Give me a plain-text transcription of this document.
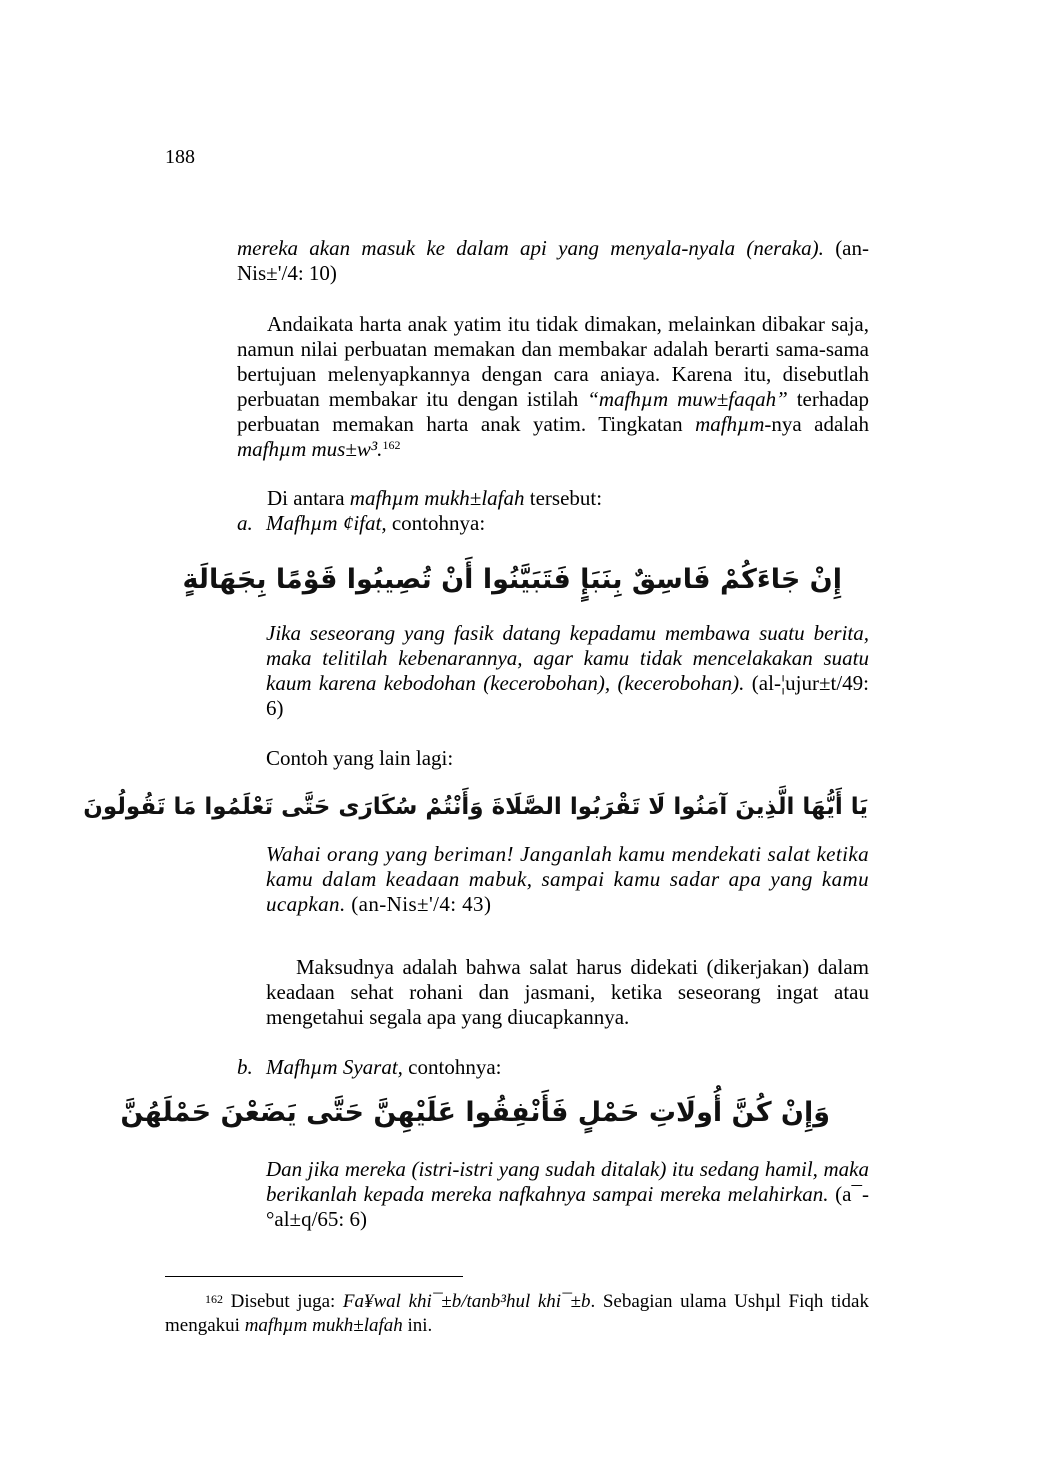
188
mereka akan masuk ke dalam api yang menyala-nyala (neraka). (an-Nis±'/4: 10)
Andaikata harta anak yatim itu tidak dimakan, melainkan dibakar saja, namun nilai perbuatan memakan dan membakar adalah berarti sama-sama bertujuan melenyapkannya dengan cara aniaya. Karena itu, disebutlah perbuatan membakar itu dengan istilah “mafhµm muw±faqah” terhadap perbuatan memakan harta anak yatim. Tingkatan mafhµm-nya adalah mafhµm mus±w³.$^{162}$
Di antara mafhµm mukh±lafah tersebut:
a. Mafhµm ¢ifat, contohnya:
إِنْ جَاءَكُمْ فَاسِقٌ بِنَبَإٍ فَتَبَيَّنُوا أَنْ تُصِيبُوا قَوْمًا بِجَهَالَةٍ
Jika seseorang yang fasik datang kepadamu membawa suatu berita, maka telitilah kebenarannya, agar kamu tidak mencelakakan suatu kaum karena kebodohan (kecerobohan), (kecerobohan). (al-¦ujur±t/49: 6)
Contoh yang lain lagi:
يَا أَيُّهَا الَّذِينَ آمَنُوا لَا تَقْرَبُوا الصَّلَاةَ وَأَنْتُمْ سُكَارَى حَتَّى تَعْلَمُوا مَا تَقُولُونَ
Wahai orang yang beriman! Janganlah kamu mendekati salat ketika kamu dalam keadaan mabuk, sampai kamu sadar apa yang kamu ucapkan. (an-Nis±'/4: 43)
Maksudnya adalah bahwa salat harus didekati (dikerjakan) dalam keadaan sehat rohani dan jasmani, ketika seseorang ingat atau mengetahui segala apa yang diucapkannya.
b. Mafhµm Syarat, contohnya:
وَإِنْ كُنَّ أُولَاتِ حَمْلٍ فَأَنْفِقُوا عَلَيْهِنَّ حَتَّى يَضَعْنَ حَمْلَهُنَّ
Dan jika mereka (istri-istri yang sudah ditalak) itu sedang hamil, maka berikanlah kepada mereka nafkahnya sampai mereka melahirkan. (a¯-°al±q/65: 6)
$^{162}$ Disebut juga: Fa¥wal khi¯±b/tanb³hul khi¯±b. Sebagian ulama Ushµl Fiqh tidak mengakui mafhµm mukh±lafah ini.
